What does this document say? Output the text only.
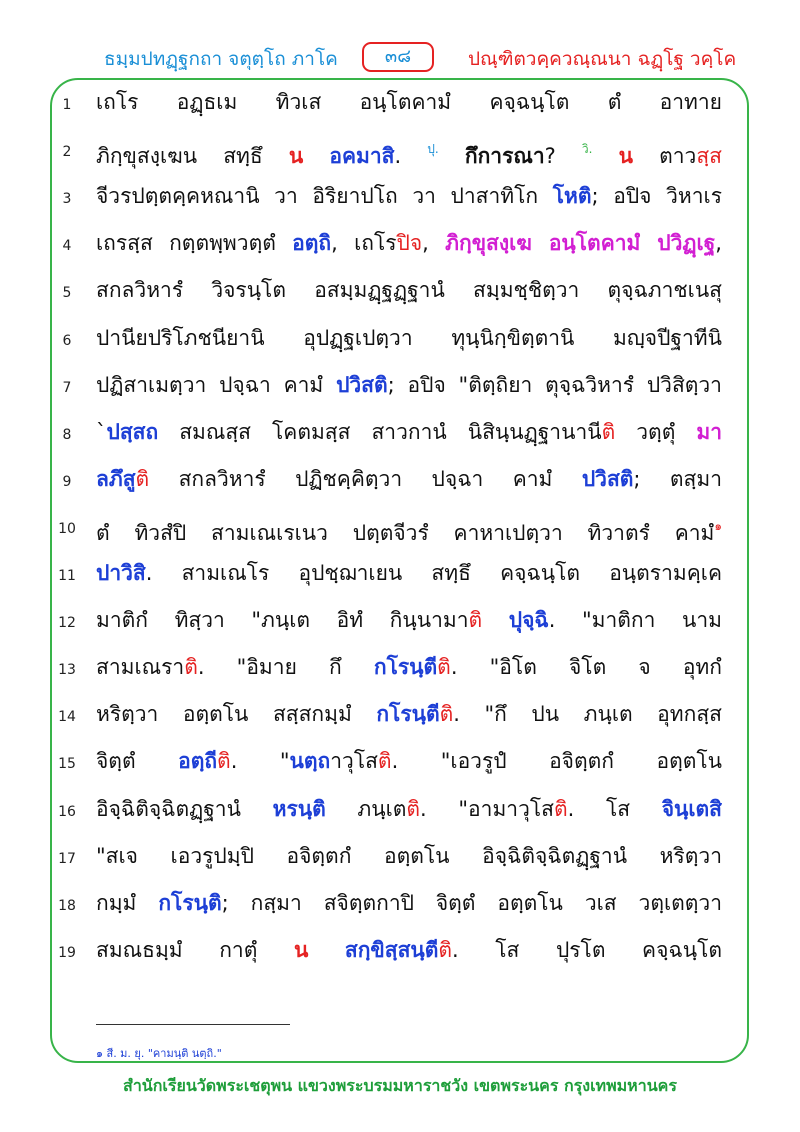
ธมฺมปทฏฺฐกถา จตุตฺโถ ภาโค	๓๘	ปณฺฑิตวคฺควณฺณนา ฉฏฺโฐ วคฺโค
1	เถโร อฏฺธเม ทิวเส อนฺโตคามํ คจฺฉนฺโต ตํ อาทาย
2	ภิกฺขุสงฺเฆน สทฺธึ น อคมาสิ. $^{ปุ.}$ กึการณา? $^{วิ.}$ น ตาวสฺส
3	จีวรปตฺตคฺคหณานิ วา อิริยาปโถ วา ปาสาทิโก โหติ; อปิจ วิหาเร
4	เถรสฺส กตฺตพฺพวตฺตํ อตฺถิ, เถโรปิจ, ภิกฺขุสงฺเฆ อนฺโตคามํ ปวิฏฺเฐ,
5	สกลวิหารํ วิจรนฺโต อสมฺมฏฺฐฏฺฐานํ สมฺมชฺชิตฺวา ตุจฺฉภาชเนสุ
6	ปานียปริโภชนียานิ อุปฏฺฐเปตฺวา ทุนฺนิกฺขิตฺตานิ มญฺจปีฐาทีนิ
7	ปฏิสาเมตฺวา ปจฺฉา คามํ ปวิสติ; อปิจ "ติตฺถิยา ตุจฺฉวิหารํ ปวิสิตฺวา
8	`ปสฺสถ สมณสฺส โคตมสฺส สาวกานํ นิสินฺนฏฺฐานานีติ วตฺตุํ มา
9	ลภึสูติ สกลวิหารํ ปฏิชคฺคิตฺวา ปจฺฉา คามํ ปวิสติ; ตสฺมา
10 ตํ ทิวสํปิ สามเณเรเนว ปตฺตจีวรํ คาหาเปตฺวา ทิวาตรํ คามํ$^๑$
11 ปาวิสิ. สามเณโร อุปชฺฌาเยน สทฺธึ คจฺฉนฺโต อนฺตรามคฺเค
12 มาติกํ ทิสฺวา "ภนฺเต อิทํ กินฺนามาติ ปุจฺฉิ. "มาติกา นาม
13 สามเณราติ. "อิมาย กึ กโรนฺตีติ. "อิโต จิโต จ อุทกํ
14 หริตฺวา อตฺตโน สสฺสกมฺมํ กโรนฺตีติ. "กึ ปน ภนฺเต อุทกสฺส
15 จิตฺตํ อตฺถีติ. "นตฺถาวุโสติ. "เอวรูปํ อจิตฺตกํ อตฺตโน
16 อิจฺฉิติจฺฉิตฏฺฐานํ หรนฺติ ภนฺเตติ. "อามาวุโสติ. โส จินฺเตสิ
17 "สเจ เอวรูปมฺปิ อจิตฺตกํ อตฺตโน อิจฺฉิติจฺฉิตฏฺฐานํ หริตฺวา
18 กมฺมํ กโรนฺติ; กสฺมา สจิตฺตกาปิ จิตฺตํ อตฺตโน วเส วตฺเตตฺวา
19 สมณธมฺมํ กาตุํ น สกฺขิสฺสนฺตีติ. โส ปุรโต คจฺฉนฺโต
๑ สี. ม. ยุ. "คามนฺติ นตฺถิ."
สำนักเรียนวัดพระเชตุพน แขวงพระบรมมหาราชวัง เขตพระนคร กรุงเทพมหานคร
